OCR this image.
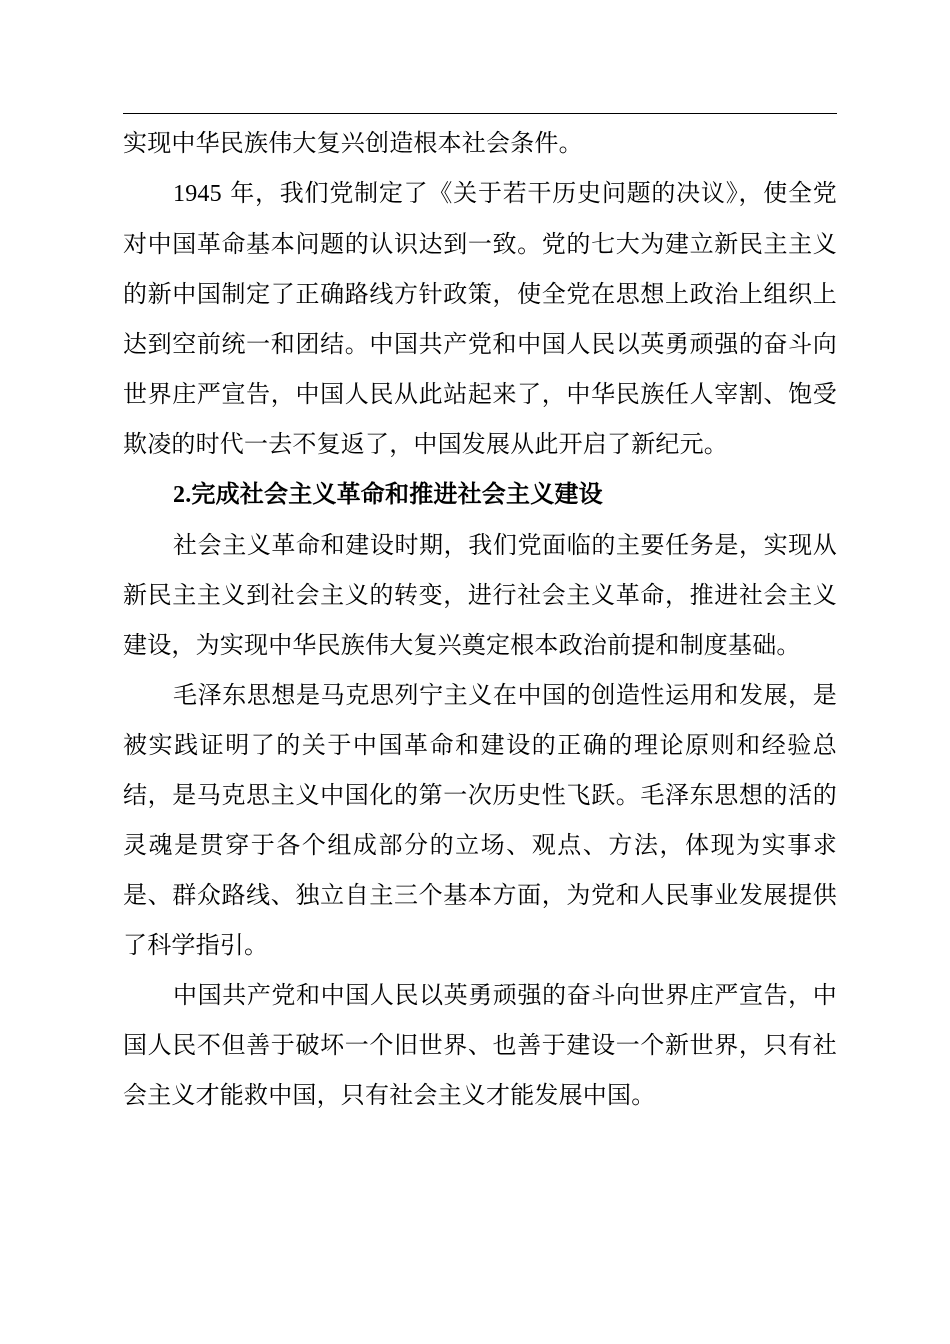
实现中华民族伟大复兴创造根本社会条件。

1945 年，我们党制定了《关于若干历史问题的决议》，使全党对中国革命基本问题的认识达到一致。党的七大为建立新民主主义的新中国制定了正确路线方针政策，使全党在思想上政治上组织上达到空前统一和团结。中国共产党和中国人民以英勇顽强的奋斗向世界庄严宣告，中国人民从此站起来了，中华民族任人宰割、饱受欺凌的时代一去不复返了，中国发展从此开启了新纪元。

2.完成社会主义革命和推进社会主义建设

社会主义革命和建设时期，我们党面临的主要任务是，实现从新民主主义到社会主义的转变，进行社会主义革命，推进社会主义建设，为实现中华民族伟大复兴奠定根本政治前提和制度基础。

毛泽东思想是马克思列宁主义在中国的创造性运用和发展，是被实践证明了的关于中国革命和建设的正确的理论原则和经验总结，是马克思主义中国化的第一次历史性飞跃。毛泽东思想的活的灵魂是贯穿于各个组成部分的立场、观点、方法，体现为实事求是、群众路线、独立自主三个基本方面，为党和人民事业发展提供了科学指引。

中国共产党和中国人民以英勇顽强的奋斗向世界庄严宣告，中国人民不但善于破坏一个旧世界、也善于建设一个新世界，只有社会主义才能救中国，只有社会主义才能发展中国。
